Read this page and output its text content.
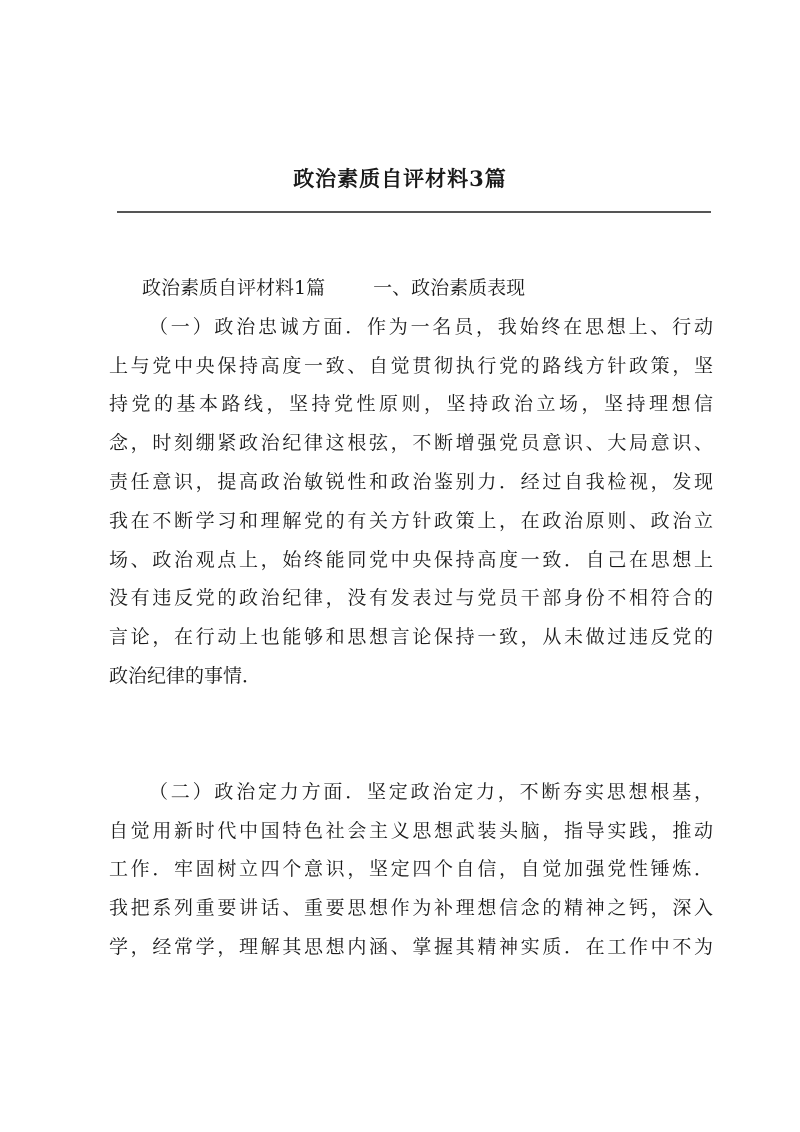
政治素质自评材料3篇
政治素质自评材料1篇	一、政治素质表现
（一）政治忠诚方面．作为一名员，我始终在思想上、行动
上与党中央保持高度一致、自觉贯彻执行党的路线方针政策，坚
持党的基本路线，坚持党性原则，坚持政治立场，坚持理想信
念，时刻绷紧政治纪律这根弦，不断增强党员意识、大局意识、
责任意识，提高政治敏锐性和政治鉴别力．经过自我检视，发现
我在不断学习和理解党的有关方针政策上，在政治原则、政治立
场、政治观点上，始终能同党中央保持高度一致．自己在思想上
没有违反党的政治纪律，没有发表过与党员干部身份不相符合的
言论，在行动上也能够和思想言论保持一致，从未做过违反党的
政治纪律的事情．
（二）政治定力方面．坚定政治定力，不断夯实思想根基，
自觉用新时代中国特色社会主义思想武装头脑，指导实践，推动
工作．牢固树立四个意识，坚定四个自信，自觉加强党性锤炼．
我把系列重要讲话、重要思想作为补理想信念的精神之钙，深入
学，经常学，理解其思想内涵、掌握其精神实质．在工作中不为
